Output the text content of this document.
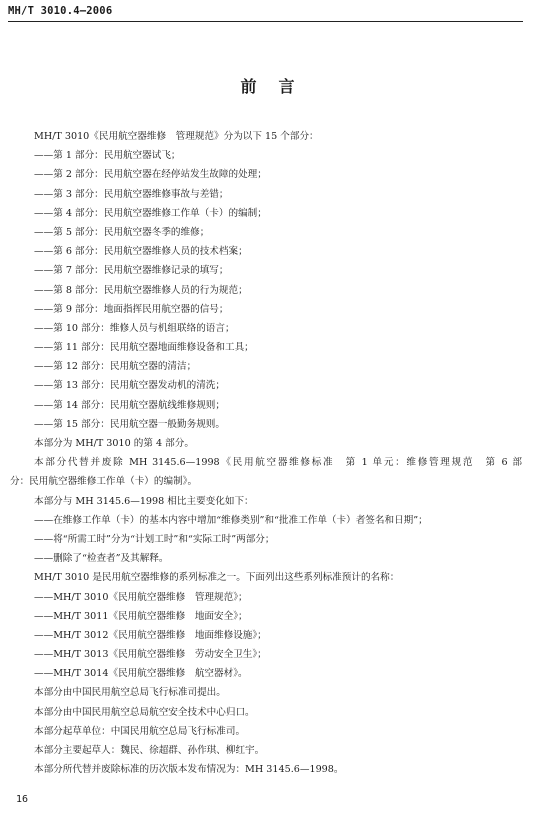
MH/T 3010.4—2006
前言
MH/T 3010《民用航空器维修　管理规范》分为以下 15 个部分：
——第 1 部分：民用航空器试飞；
——第 2 部分：民用航空器在经停站发生故障的处理；
——第 3 部分：民用航空器维修事故与差错；
——第 4 部分：民用航空器维修工作单（卡）的编制；
——第 5 部分：民用航空器冬季的维修；
——第 6 部分：民用航空器维修人员的技术档案；
——第 7 部分：民用航空器维修记录的填写；
——第 8 部分：民用航空器维修人员的行为规范；
——第 9 部分：地面指挥民用航空器的信号；
——第 10 部分：维修人员与机组联络的语言；
——第 11 部分：民用航空器地面维修设备和工具；
——第 12 部分：民用航空器的清洁；
——第 13 部分：民用航空器发动机的清洗；
——第 14 部分：民用航空器航线维修规则；
——第 15 部分：民用航空器一般勤务规则。
本部分为 MH/T 3010 的第 4 部分。
本部分代替并废除 MH 3145.6—1998《民用航空器维修标准　第 1 单元：维修管理规范　第 6 部
分：民用航空器维修工作单（卡）的编制》。
本部分与 MH 3145.6—1998 相比主要变化如下：
——在维修工作单（卡）的基本内容中增加“维修类别”和“批准工作单（卡）者签名和日期”；
——将“所需工时”分为“计划工时”和“实际工时”两部分；
——删除了“检查者”及其解释。
MH/T 3010 是民用航空器维修的系列标准之一。下面列出这些系列标准预计的名称：
——MH/T 3010《民用航空器维修　管理规范》；
——MH/T 3011《民用航空器维修　地面安全》；
——MH/T 3012《民用航空器维修　地面维修设施》；
——MH/T 3013《民用航空器维修　劳动安全卫生》；
——MH/T 3014《民用航空器维修　航空器材》。
本部分由中国民用航空总局飞行标准司提出。
本部分由中国民用航空总局航空安全技术中心归口。
本部分起草单位：中国民用航空总局飞行标准司。
本部分主要起草人：魏民、徐超群、孙作琪、柳红宇。
本部分所代替并废除标准的历次版本发布情况为：MH 3145.6—1998。
16
